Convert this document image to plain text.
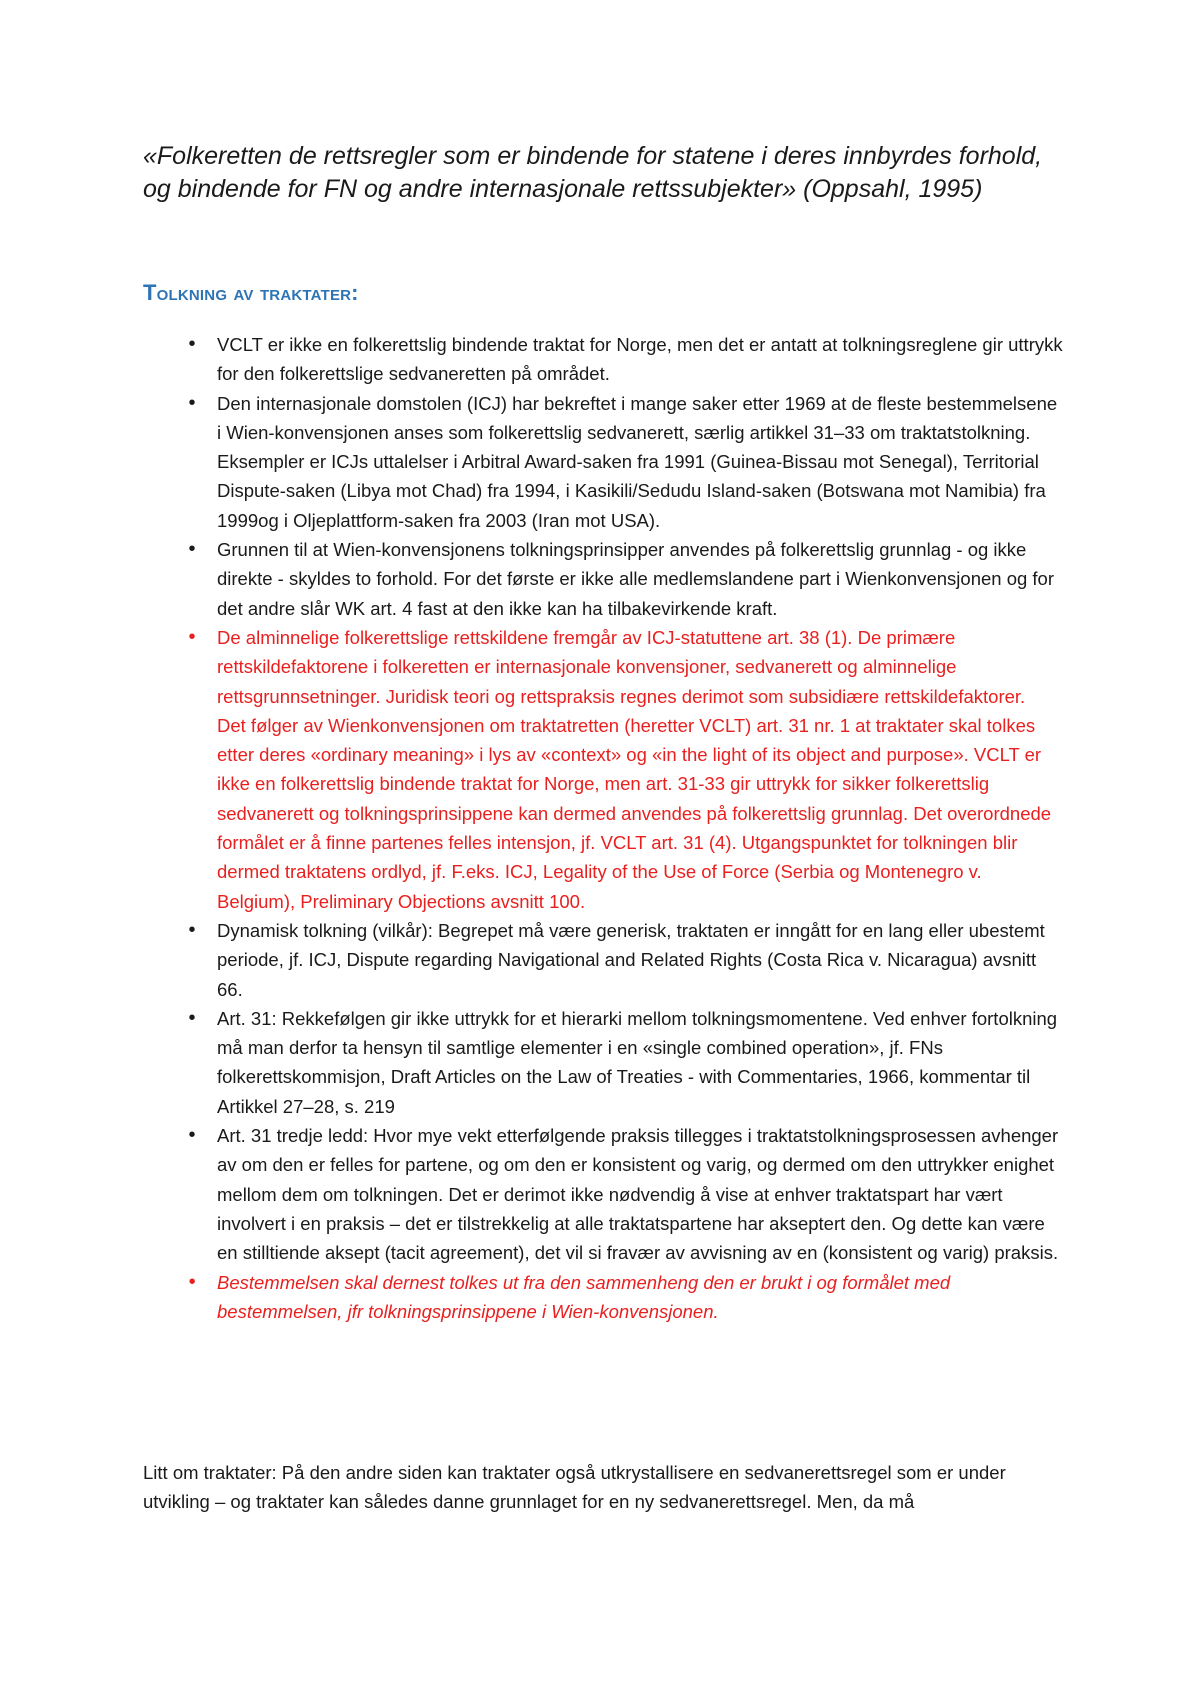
«Folkeretten de rettsregler som er bindende for statene i deres innbyrdes forhold, og bindende for FN og andre internasjonale rettssubjekter» (Oppsahl, 1995)

Tolkning av traktater:
• VCLT er ikke en folkerettslig bindende traktat for Norge, men det er antatt at tolkningsreglene gir uttrykk for den folkerettslige sedvaneretten på området.

• Den internasjonale domstolen (ICJ) har bekreftet i mange saker etter 1969 at de fleste bestemmelsene i Wien-konvensjonen anses som folkerettslig sedvanerett, særlig artikkel 31–33 om traktatstolkning. Eksempler er ICJs uttalelser i Arbitral Award-saken fra 1991 (Guinea-Bissau mot Senegal), Territorial Dispute-saken (Libya mot Chad) fra 1994, i Kasikili/Sedudu Island-saken (Botswana mot Namibia) fra 1999og i Oljeplattform-saken fra 2003 (Iran mot USA).

• Grunnen til at Wien-konvensjonens tolkningsprinsipper anvendes på folkerettslig grunnlag - og ikke direkte - skyldes to forhold. For det første er ikke alle medlemslandene part i Wienkonvensjonen og for det andre slår WK art. 4 fast at den ikke kan ha tilbakevirkende kraft.

• De alminnelige folkerettslige rettskildene fremgår av ICJ-statuttene art. 38 (1). De primære rettskildefaktorene i folkeretten er internasjonale konvensjoner, sedvanerett og alminnelige rettsgrunnsetninger. Juridisk teori og rettspraksis regnes derimot som subsidiære rettskildefaktorer.

Det følger av Wienkonvensjonen om traktatretten (heretter VCLT) art. 31 nr. 1 at traktater skal tolkes etter deres «ordinary meaning» i lys av «context» og «in the light of its object and purpose». VCLT er ikke en folkerettslig bindende traktat for Norge, men art. 31-33 gir uttrykk for sikker folkerettslig sedvanerett og tolkningsprinsippene kan dermed anvendes på folkerettslig grunnlag. Det overordnede formålet er å finne partenes felles intensjon, jf. VCLT art. 31 (4). Utgangspunktet for tolkningen blir dermed traktatens ordlyd, jf. F.eks. ICJ, Legality of the Use of Force (Serbia og Montenegro v. Belgium), Preliminary Objections avsnitt 100.

• Dynamisk tolkning (vilkår): Begrepet må være generisk, traktaten er inngått for en lang eller ubestemt periode, jf. ICJ, Dispute regarding Navigational and Related Rights (Costa Rica v. Nicaragua) avsnitt 66.

• Art. 31: Rekkefølgen gir ikke uttrykk for et hierarki mellom tolkningsmomentene. Ved enhver fortolkning må man derfor ta hensyn til samtlige elementer i en «single combined operation», jf. FNs folkerettskommisjon, Draft Articles on the Law of Treaties - with Commentaries, 1966, kommentar til Artikkel 27–28, s. 219

• Art. 31 tredje ledd: Hvor mye vekt etterfølgende praksis tillegges i traktatstolkningsprosessen avhenger av om den er felles for partene, og om den er konsistent og varig, og dermed om den uttrykker enighet mellom dem om tolkningen. Det er derimot ikke nødvendig å vise at enhver traktatspart har vært involvert i en praksis – det er tilstrekkelig at alle traktatspartene har akseptert den. Og dette kan være en stilltiende aksept (tacit agreement), det vil si fravær av avvisning av en (konsistent og varig) praksis.

• Bestemmelsen skal dernest tolkes ut fra den sammenheng den er brukt i og formålet med bestemmelsen, jfr tolkningsprinsippene i Wien-konvensjonen.

Litt om traktater: På den andre siden kan traktater også utkrystallisere en sedvanerettsregel som er under utvikling – og traktater kan således danne grunnlaget for en ny sedvanerettsregel. Men, da må
